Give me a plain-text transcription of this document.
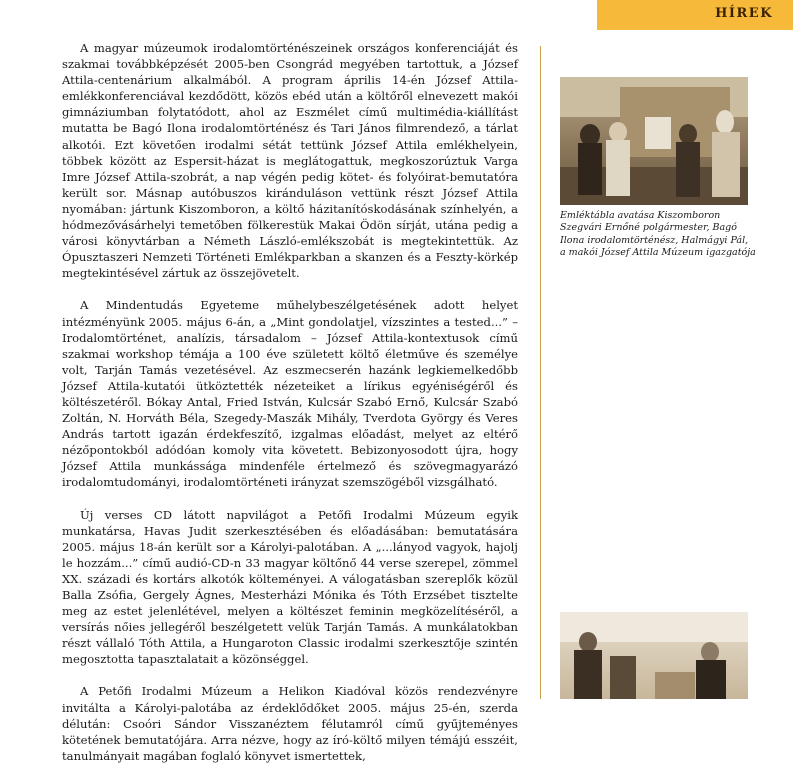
HÍREK

A magyar múzeumok irodalomtörténészeinek országos konferenciáját és szakmai továbbképzését 2005-ben Csongrád megyében tartottuk, a József Attila-centenárium alkalmából. A program április 14-én József Attila-emlékkonferenciával kezdődött, közös ebéd után a költőről elnevezett makói gimnáziumban folytatódott, ahol az Eszmélet című multimédia-kiállítást mutatta be Bagó Ilona irodalomtörténész és Tari János filmrendező, a tárlat alkotói. Ezt követően irodalmi sétát tettünk József Attila emlékhelyein, többek között az Espersit-házat is meglátogattuk, megkoszorúztuk Varga Imre József Attila-szobrát, a nap végén pedig kötet- és folyóirat-bemutatóra került sor. Másnap autóbuszos kiránduláson vettünk részt József Attila nyomában: jártunk Kiszomboron, a költő házitanítóskodásának színhelyén, a hódmezővásárhelyi temetőben fölkerestük Makai Ödön sírját, utána pedig a városi könyvtárban a Németh László-emlékszobát is megtekintettük. Az Ópusztaszeri Nemzeti Történeti Emlékparkban a skanzen és a Feszty-körkép megtekintésével zártuk az összejövetelt.

A Mindentudás Egyeteme műhelybeszélgetésének adott helyet intézményünk 2005. május 6-án, a „Mint gondolatjel, vízszintes a tested...” – Irodalomtörténet, analízis, társadalom – József Attila-kontextusok című szakmai workshop témája a 100 éve született költő életműve és személye volt, Tarján Tamás vezetésével. Az eszmecserén hazánk legkiemelkedőbb József Attila-kutatói ütköztették nézeteiket a lírikus egyéniségéről és költészetéről. Bókay Antal, Fried István, Kulcsár Szabó Ernő, Kulcsár Szabó Zoltán, N. Horváth Béla, Szegedy-Maszák Mihály, Tverdota György és Veres András tartott igazán érdekfeszítő, izgalmas előadást, melyet az eltérő nézőpontokból adódóan komoly vita követett. Bebizonyosodott újra, hogy József Attila munkássága mindenféle értelmező és szövegmagyarázó irodalomtudományi, irodalomtörténeti irányzat szemszögéből vizsgálható.

Új verses CD látott napvilágot a Petőfi Irodalmi Múzeum egyik munkatársa, Havas Judit szerkesztésében és előadásában: bemutatására 2005. május 18-án került sor a Károlyi-palotában. A „...lányod vagyok, hajolj le hozzám...” című audió-CD-n 33 magyar költőnő 44 verse szerepel, zömmel XX. századi és kortárs alkotók költeményei. A válogatásban szereplők közül Balla Zsófia, Gergely Ágnes, Mesterházi Mónika és Tóth Erzsébet tisztelte meg az estet jelenlétével, melyen a költészet feminin megközelítéséről, a versírás nőies jellegéről beszélgetett velük Tarján Tamás. A munkálatokban részt vállaló Tóth Attila, a Hungaroton Classic irodalmi szerkesztője szintén megosztotta tapasztalatait a közönséggel.

A Petőfi Irodalmi Múzeum a Helikon Kiadóval közös rendezvényre invitálta a Károlyi-palotába az érdeklődőket 2005. május 25-én, szerda délután: Csoóri Sándor Visszanéztem félutamról című gyűjteményes kötetének bemutatójára. Arra nézve, hogy az író-költő milyen témájú esszéit, tanulmányait magában foglaló könyvet ismertettek,

Emléktábla avatása Kiszomboron
Szegvári Ernőné polgármester, Bagó
Ilona irodalomtörténész, Halmágyi Pál,
a makói József Attila Múzeum igazgatója
